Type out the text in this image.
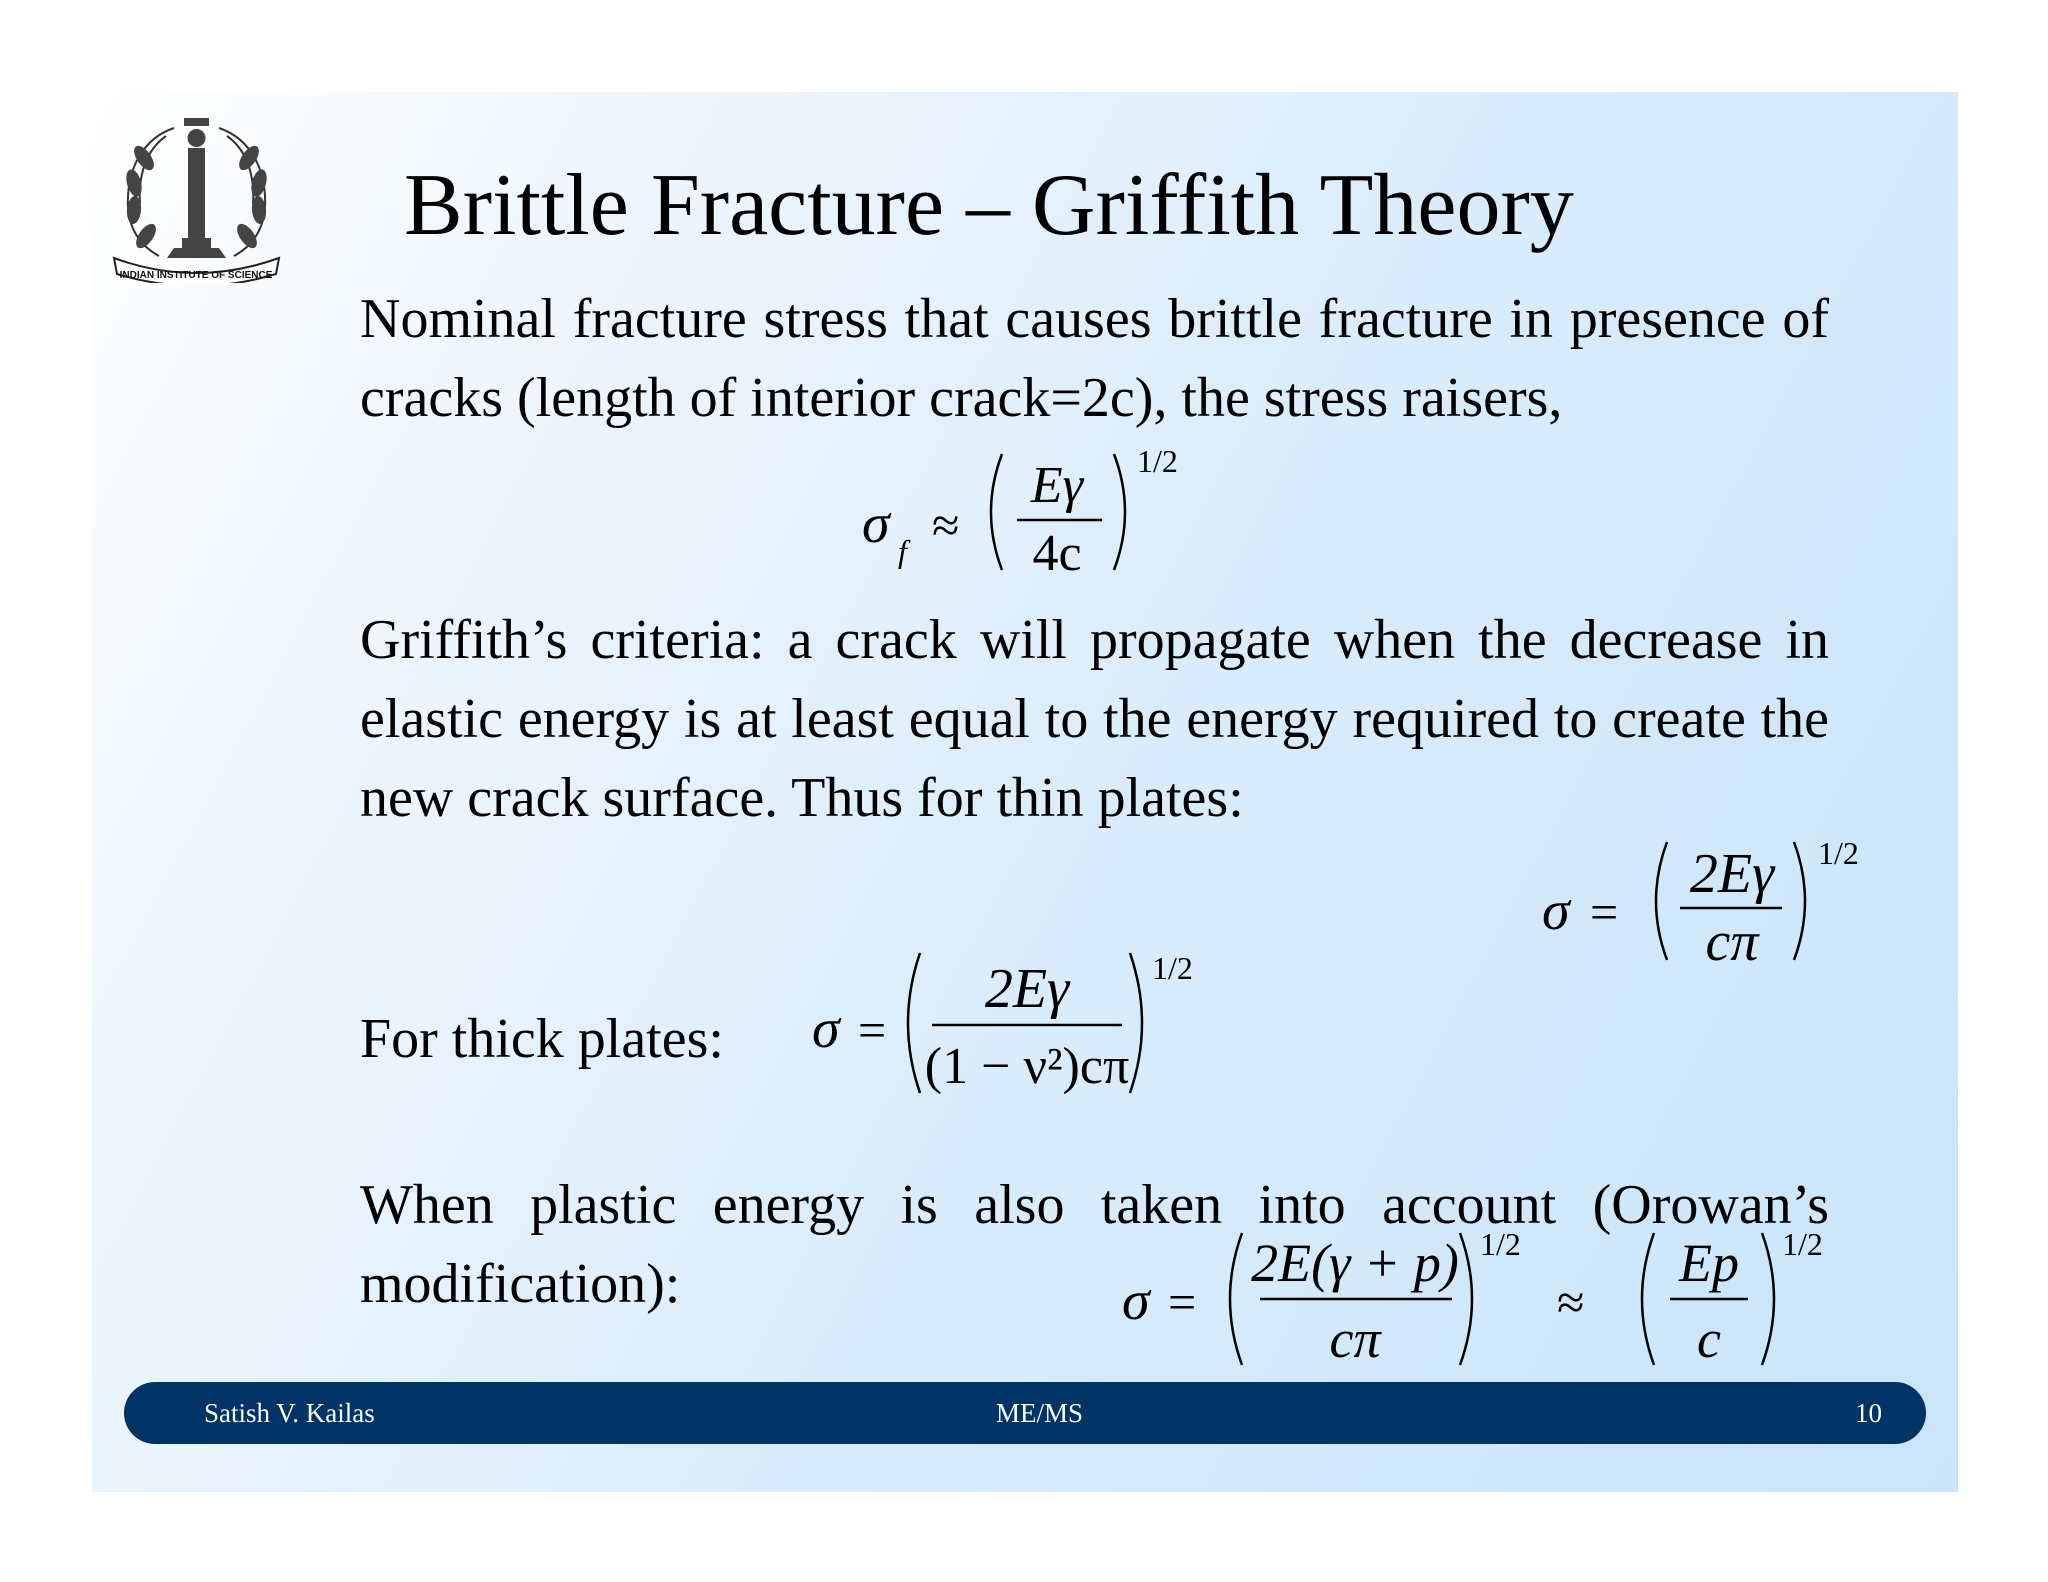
INDIAN INSTITUTE OF SCIENCE
Brittle Fracture – Griffith Theory

Nominal fracture stress that causes brittle fracture in presence of cracks (length of interior crack=2c), the stress raisers,

σ f ≈
Eγ
4c
1/2

Griffith’s criteria: a crack will propagate when the decrease in elastic energy is at least equal to the energy required to create the new crack surface. Thus for thin plates:

σ =
2Eγ
cπ
1/2
For thick plates: σ =
2Eγ
(1 − ν²)cπ
1/2

When plastic energy is also taken into account (Orowan’s modification):	σ =
2E(γ + p)
cπ
1/2
≈
Ep
c
1/2
Satish V. Kailas	ME/MS	10
